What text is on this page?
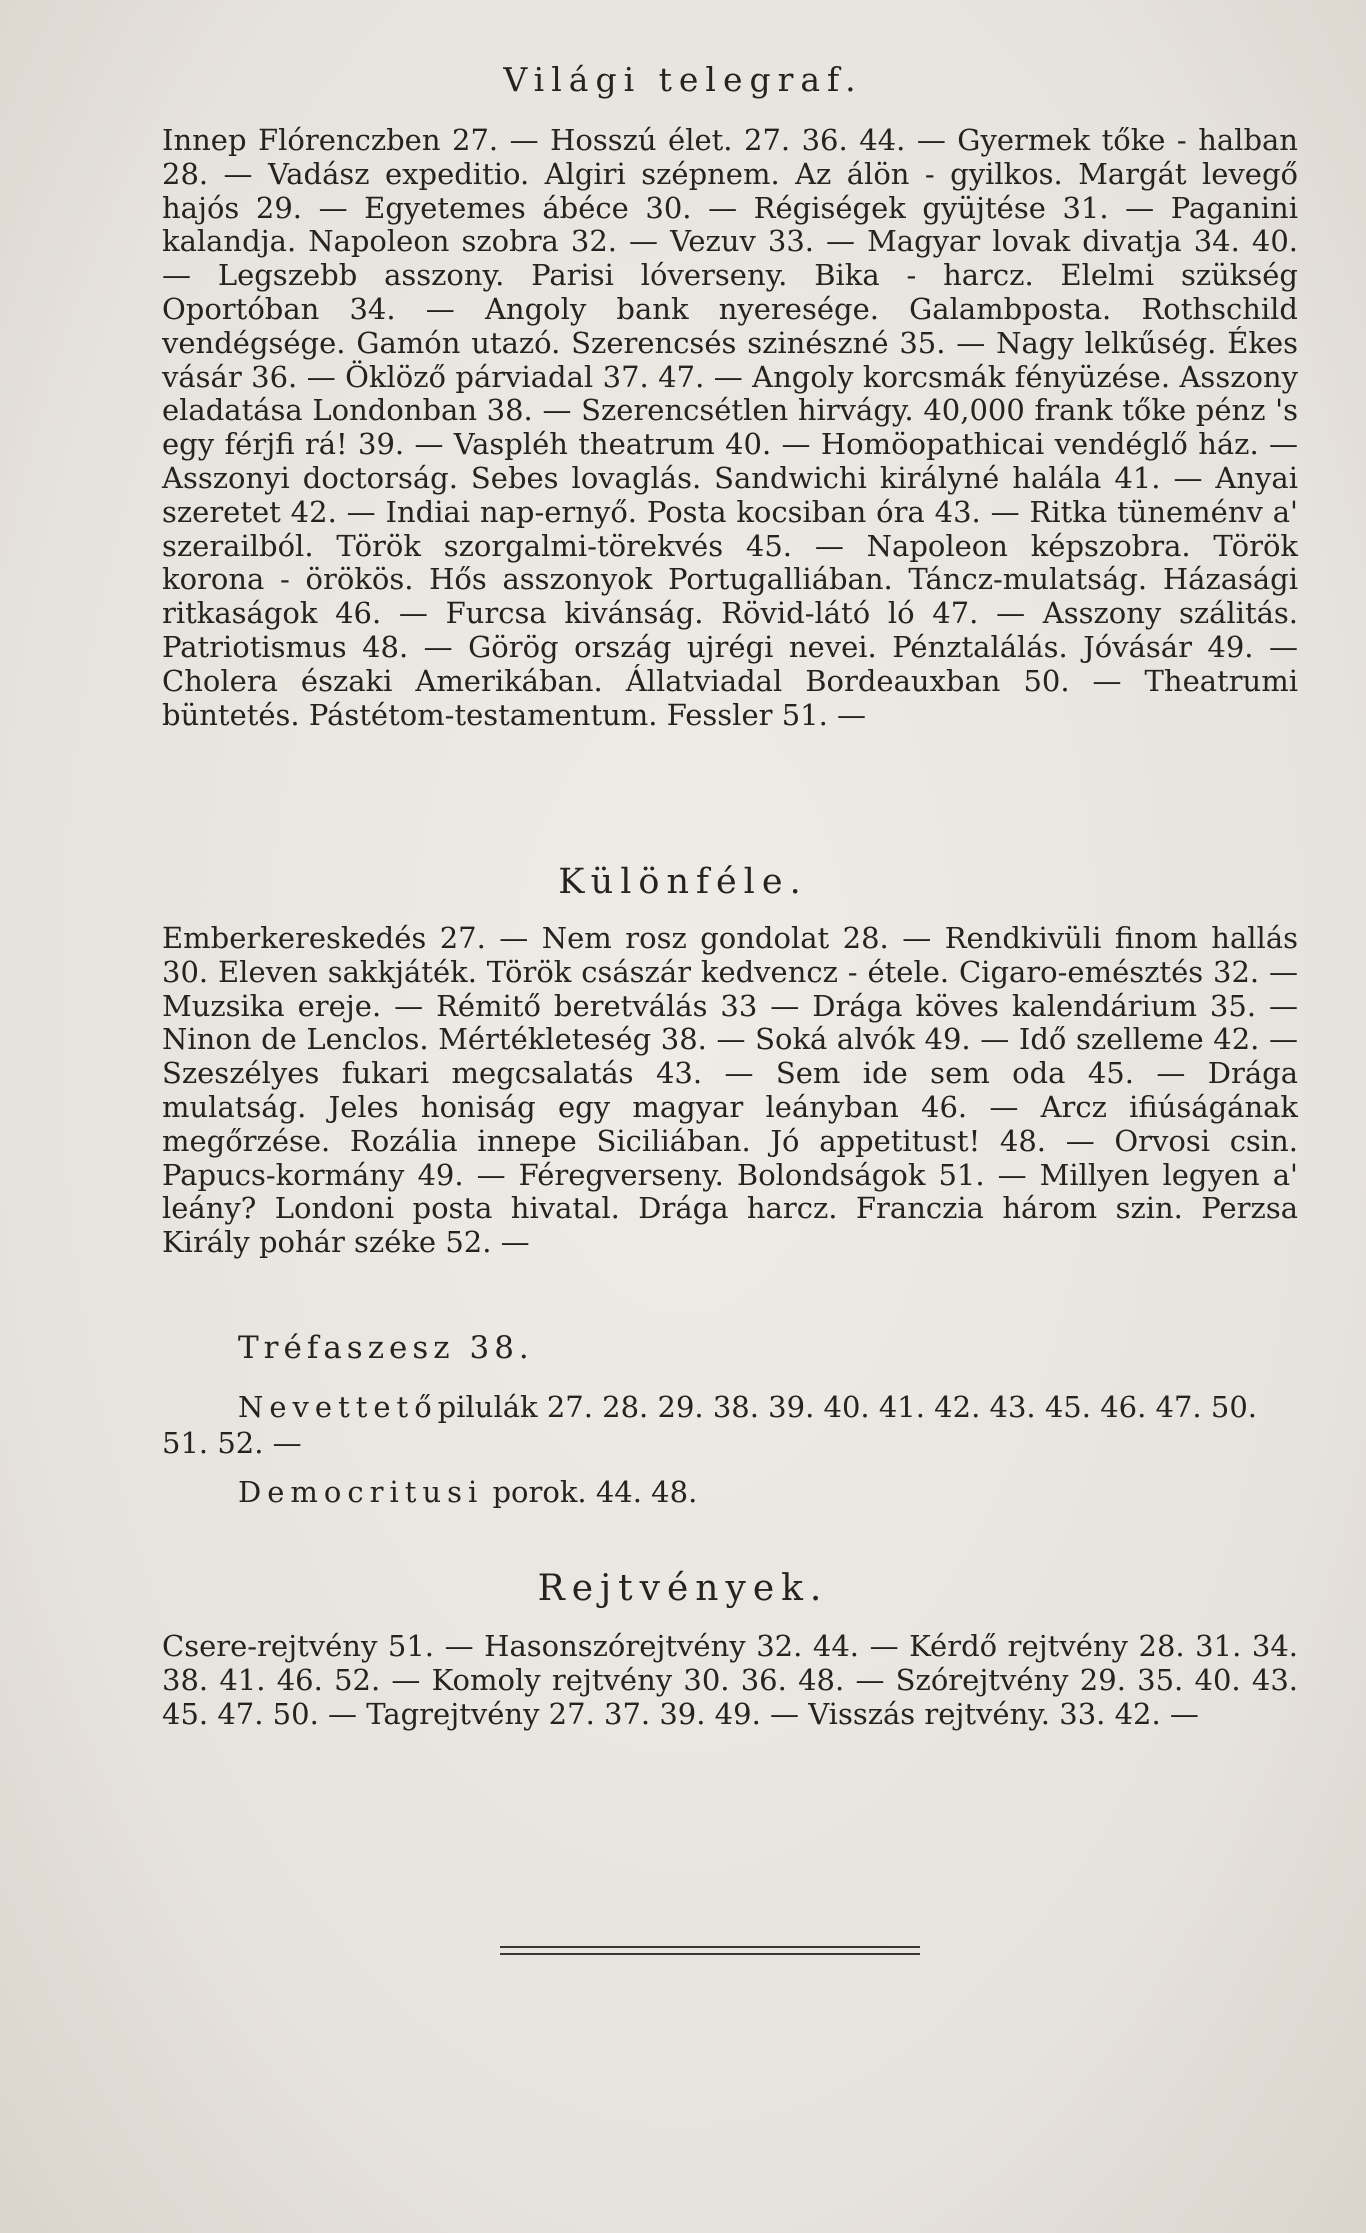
Világi telegraf.

Innep Flórenczben 27. — Hosszú élet. 27. 36. 44. — Gyermek tőke - halban 28. — Vadász expeditio. Algiri szépnem. Az álön - gyilkos. Margát levegő hajós 29. — Egyetemes ábéce 30. — Régiségek gyüjtése 31. — Paganini kalandja. Napoleon szobra 32. — Vezuv 33. — Magyar lovak divatja 34. 40. — Legszebb asszony. Parisi lóverseny. Bika - harcz. Elelmi szükség Oportóban 34. — Angoly bank nyeresége. Galambposta. Rothschild vendégsége. Gamón utazó. Szerencsés szinészné 35. — Nagy lelkűség. Ékes vásár 36. — Öklöző párviadal 37. 47. — Angoly korcsmák fényüzése. Asszony eladatása Londonban 38. — Szerencsétlen hirvágy. 40,000 frank tőke pénz 's egy férjfi rá! 39. — Vaspléh theatrum 40. — Homöopathicai vendéglő ház. — Asszonyi doctorság. Sebes lovaglás. Sandwichi királyné halála 41. — Anyai szeretet 42. — Indiai nap-ernyő. Posta kocsiban óra 43. — Ritka tüneménv a' szerailból. Török szorgalmi-törekvés 45. — Napoleon képszobra. Török korona - örökös. Hős asszonyok Portugalliában. Táncz-mulatság. Házasági ritkaságok 46. — Furcsa kivánság. Rövid-látó ló 47. — Asszony szálitás. Patriotismus 48. — Görög ország ujrégi nevei. Pénztalálás. Jóvásár 49. — Cholera északi Amerikában. Állatviadal Bordeauxban 50. — Theatrumi büntetés. Pástétom-testamentum. Fessler 51. —

Különféle.

Emberkereskedés 27. — Nem rosz gondolat 28. — Rendkivüli finom hallás 30. Eleven sakkjáték. Török császár kedvencz - étele. Cigaro-emésztés 32. — Muzsika ereje. — Rémitő beretválás 33 — Drága köves kalendárium 35. — Ninon de Lenclos. Mértékleteség 38. — Soká alvók 49. — Idő szelleme 42. — Szeszélyes fukari megcsalatás 43. — Sem ide sem oda 45. — Drága mulatság. Jeles honiság egy magyar leányban 46. — Arcz ifiúságának megőrzése. Rozália innepe Siciliában. Jó appetitust! 48. — Orvosi csin. Papucs-kormány 49. — Féregverseny. Bolondságok 51. — Millyen legyen a' leány? Londoni posta hivatal. Drága harcz. Francziа három szin. Perzsa Király pohár széke 52. —

Tréfaszesz 38.
Nevettetőpilulák 27. 28. 29. 38. 39. 40. 41. 42. 43. 45. 46. 47. 50.
51. 52. —
Democritusi porok. 44. 48.
Rejtvények.

Csere-rejtvény 51. — Hasonszórejtvény 32. 44. — Kérdő rejtvény 28. 31. 34. 38. 41. 46. 52. — Komoly rejtvény 30. 36. 48. — Szórejtvény 29. 35. 40. 43. 45. 47. 50. — Tagrejtvény 27. 37. 39. 49. — Visszás rejtvény. 33. 42. —
